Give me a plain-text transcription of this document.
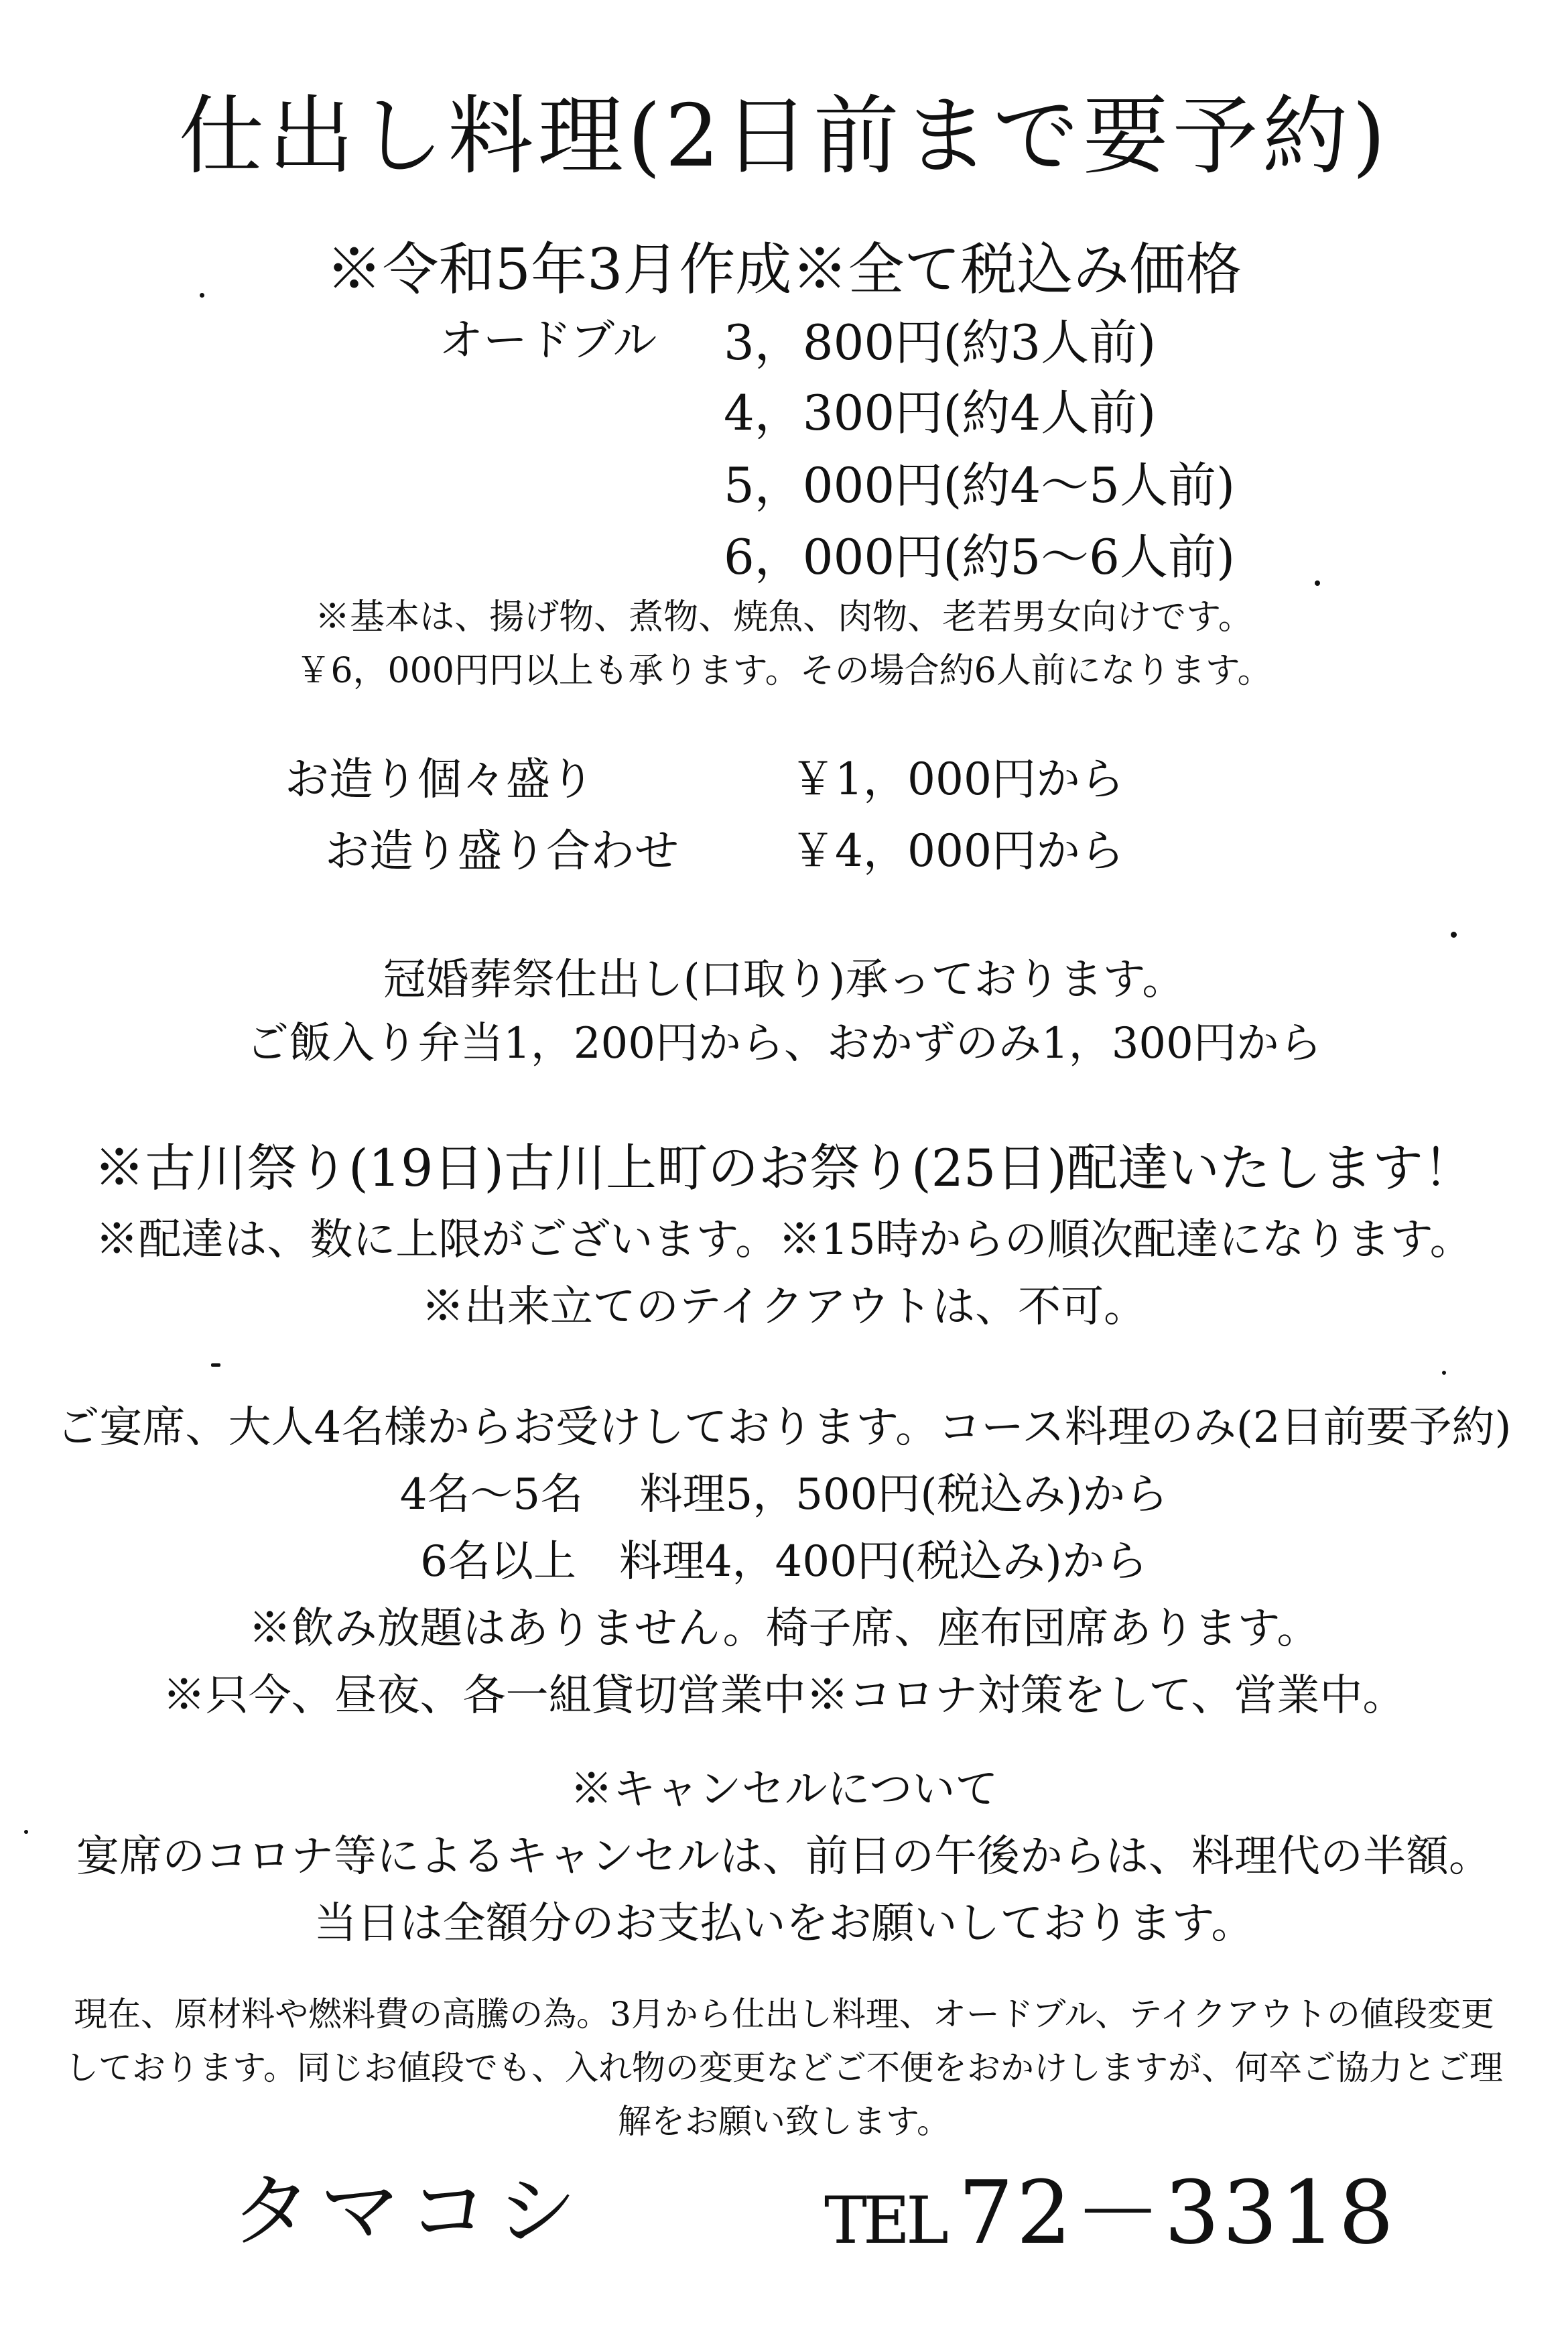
仕出し料理(2日前まで要予約)
※令和5年3月作成※全て税込み価格
オードブル 3，800円(約3人前)
4，300円(約4人前)
5，000円(約4～5人前)
6，000円(約5～6人前)
※基本は、揚げ物、煮物、焼魚、肉物、老若男女向けです。
￥6，000円円以上も承ります。その場合約6人前になります。
お造り個々盛り	￥1，000円から
お造り盛り合わせ	￥4，000円から
冠婚葬祭仕出し(口取り)承っております。
ご飯入り弁当1，200円から、おかずのみ1，300円から
※古川祭り(19日)古川上町のお祭り(25日)配達いたします！
※配達は、数に上限がございます。※15時からの順次配達になります。
※出来立てのテイクアウトは、不可。
ご宴席、大人4名様からお受けしております。コース料理のみ(2日前要予約)
4名～5名　 料理5，500円(税込み)から
6名以上　料理4，400円(税込み)から
※飲み放題はありません。椅子席、座布団席あります。
※只今、昼夜、各一組貸切営業中※コロナ対策をして、営業中。
※キャンセルについて
宴席のコロナ等によるキャンセルは、前日の午後からは、料理代の半額。
当日は全額分のお支払いをお願いしております。
現在、原材料や燃料費の高騰の為。3月から仕出し料理、オードブル、テイクアウトの値段変更
しております。同じお値段でも、入れ物の変更などご不便をおかけしますが、何卒ご協力とご理
解をお願い致します。
タマコシ	TEL 72－3318
